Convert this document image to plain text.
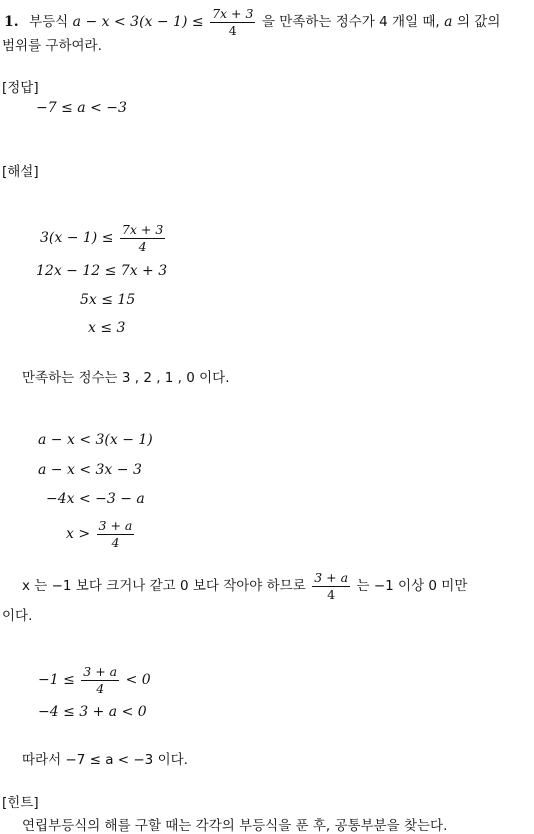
1. 부등식 $a - x < 3(x - 1) \le \frac{7x + 3}{4}$ 을 만족하는 정수가 4 개일 때, a 의 값의
범위를 구하여라.
[정답]
−7 ≤ a < −3
[해설]
$3(x - 1) \le \frac{7x + 3}{4}$
12x − 12 ≤ 7x + 3
5x ≤ 15
x ≤ 3
만족하는 정수는 3 , 2 , 1 , 0 이다.
a − x < 3(x − 1)
a − x < 3x − 3
−4x < −3 − a
$x > \frac{3 + a}{4}$
x 는 −1 보다 크거나 같고 0 보다 작아야 하므로 $\frac{3 + a}{4}$ 는 −1 이상 0 미만
이다.
$-1 \le \frac{3 + a}{4} < 0$
−4 ≤ 3 + a < 0
따라서 −7 ≤ a < −3 이다.
[힌트]
연립부등식의 해를 구할 때는 각각의 부등식을 푼 후, 공통부분을 찾는다.
